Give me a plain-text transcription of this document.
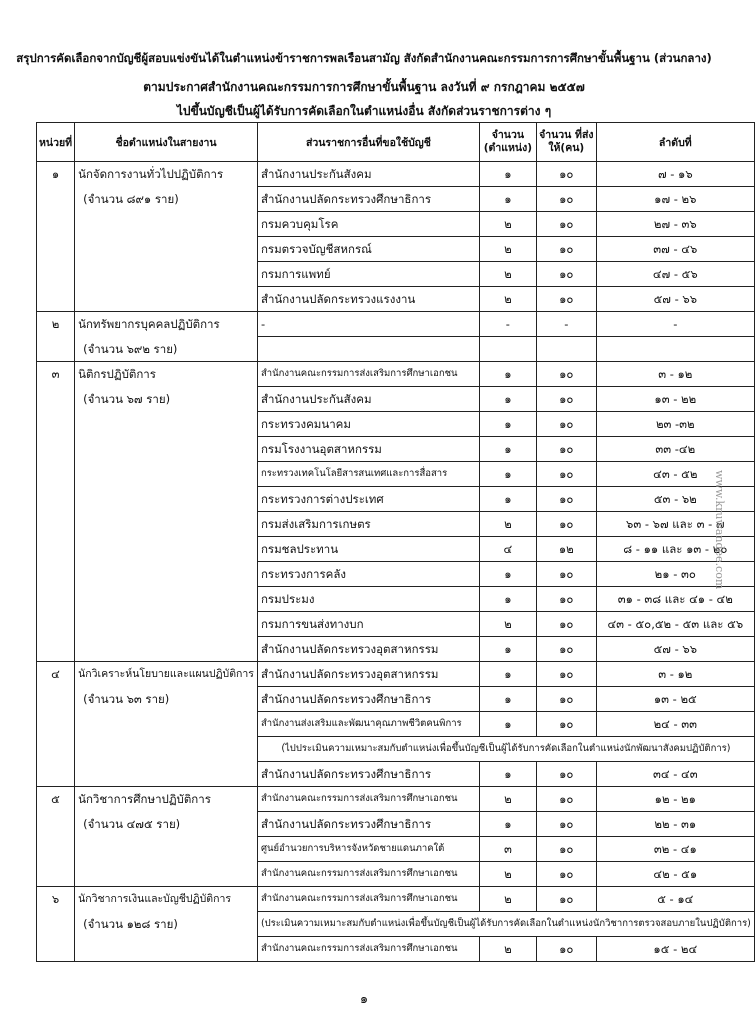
สรุปการคัดเลือกจากบัญชีผู้สอบแข่งขันได้ในตำแหน่งข้าราชการพลเรือนสามัญ สังกัดสำนักงานคณะกรรมการการศึกษาขั้นพื้นฐาน (ส่วนกลาง)
ตามประกาศสำนักงานคณะกรรมการการศึกษาขั้นพื้นฐาน ลงวันที่ ๙ กรกฎาคม ๒๕๕๗
ไปขึ้นบัญชีเป็นผู้ได้รับการคัดเลือกในตำแหน่งอื่น สังกัดส่วนราชการต่าง ๆ
หน่วยที่	ชื่อตำแหน่งในสายงาน	ส่วนราชการอื่นที่ขอใช้บัญชี	จำนวน (ตำแหน่ง)	จำนวน ที่ส่งให้(คน)	ลำดับที่
๑	นักจัดการงานทั่วไปปฏิบัติการ	สำนักงานประกันสังคม	๑	๑๐	๗ - ๑๖
	(จำนวน ๘๙๑ ราย)	สำนักงานปลัดกระทรวงศึกษาธิการ	๑	๑๐	๑๗ - ๒๖
		กรมควบคุมโรค	๒	๑๐	๒๗ - ๓๖
		กรมตรวจบัญชีสหกรณ์	๒	๑๐	๓๗ - ๔๖
		กรมการแพทย์	๒	๑๐	๔๗ - ๕๖
		สำนักงานปลัดกระทรวงแรงงาน	๒	๑๐	๕๗ - ๖๖
๒	นักทรัพยากรบุคคลปฏิบัติการ	-	-	-	-
	(จำนวน ๖๙๒ ราย)				
๓	นิติกรปฏิบัติการ	สำนักงานคณะกรรมการส่งเสริมการศึกษาเอกชน	๑	๑๐	๓ - ๑๒
	(จำนวน ๖๗ ราย)	สำนักงานประกันสังคม	๑	๑๐	๑๓ - ๒๒
		กระทรวงคมนาคม	๑	๑๐	๒๓ -๓๒
		กรมโรงงานอุตสาหกรรม	๑	๑๐	๓๓ -๔๒
		กระทรวงเทคโนโลยีสารสนเทศและการสื่อสาร	๑	๑๐	๔๓ - ๕๒
		กระทรวงการต่างประเทศ	๑	๑๐	๕๓ - ๖๒
		กรมส่งเสริมการเกษตร	๒	๑๐	๖๓ - ๖๗ และ ๓ - ๗
		กรมชลประทาน	๔	๑๒	๘ - ๑๑ และ ๑๓ - ๒๐
		กระทรวงการคลัง	๑	๑๐	๒๑ - ๓๐
		กรมประมง	๑	๑๐	๓๑ - ๓๘ และ ๔๑ - ๔๒
		กรมการขนส่งทางบก	๒	๑๐	๔๓ - ๕๐,๕๒ - ๕๓ และ ๕๖
		สำนักงานปลัดกระทรวงอุตสาหกรรม	๑	๑๐	๕๗ - ๖๖
๔	นักวิเคราะห์นโยบายและแผนปฏิบัติการ	สำนักงานปลัดกระทรวงอุตสาหกรรม	๑	๑๐	๓ - ๑๒
	(จำนวน ๖๓ ราย)	สำนักงานปลัดกระทรวงศึกษาธิการ	๑	๑๐	๑๓ - ๒๕
		สำนักงานส่งเสริมและพัฒนาคุณภาพชีวิตคนพิการ	๑	๑๐	๒๔ - ๓๓
		(ไปประเมินความเหมาะสมกับตำแหน่งเพื่อขึ้นบัญชีเป็นผู้ได้รับการคัดเลือกในตำแหน่งนักพัฒนาสังคมปฏิบัติการ)			
		สำนักงานปลัดกระทรวงศึกษาธิการ	๑	๑๐	๓๔ - ๔๓
๕	นักวิชาการศึกษาปฏิบัติการ	สำนักงานคณะกรรมการส่งเสริมการศึกษาเอกชน	๒	๑๐	๑๒ - ๒๑
	(จำนวน ๔๗๕ ราย)	สำนักงานปลัดกระทรวงศึกษาธิการ	๑	๑๐	๒๒ - ๓๑
		ศูนย์อำนวยการบริหารจังหวัดชายแดนภาคใต้	๓	๑๐	๓๒ - ๔๑
		สำนักงานคณะกรรมการส่งเสริมการศึกษาเอกชน	๒	๑๐	๔๒ - ๕๑
๖	นักวิชาการเงินและบัญชีปฏิบัติการ	สำนักงานคณะกรรมการส่งเสริมการศึกษาเอกชน	๒	๑๐	๕ - ๑๔
	(จำนวน ๑๒๘ ราย)	(ประเมินความเหมาะสมกับตำแหน่งเพื่อขึ้นบัญชีเป็นผู้ได้รับการคัดเลือกในตำแหน่งนักวิชาการตรวจสอบภายในปฏิบัติการ)			
		สำนักงานคณะกรรมการส่งเสริมการศึกษาเอกชน	๒	๑๐	๑๕ - ๒๔
www.kruwandee.com
๑
